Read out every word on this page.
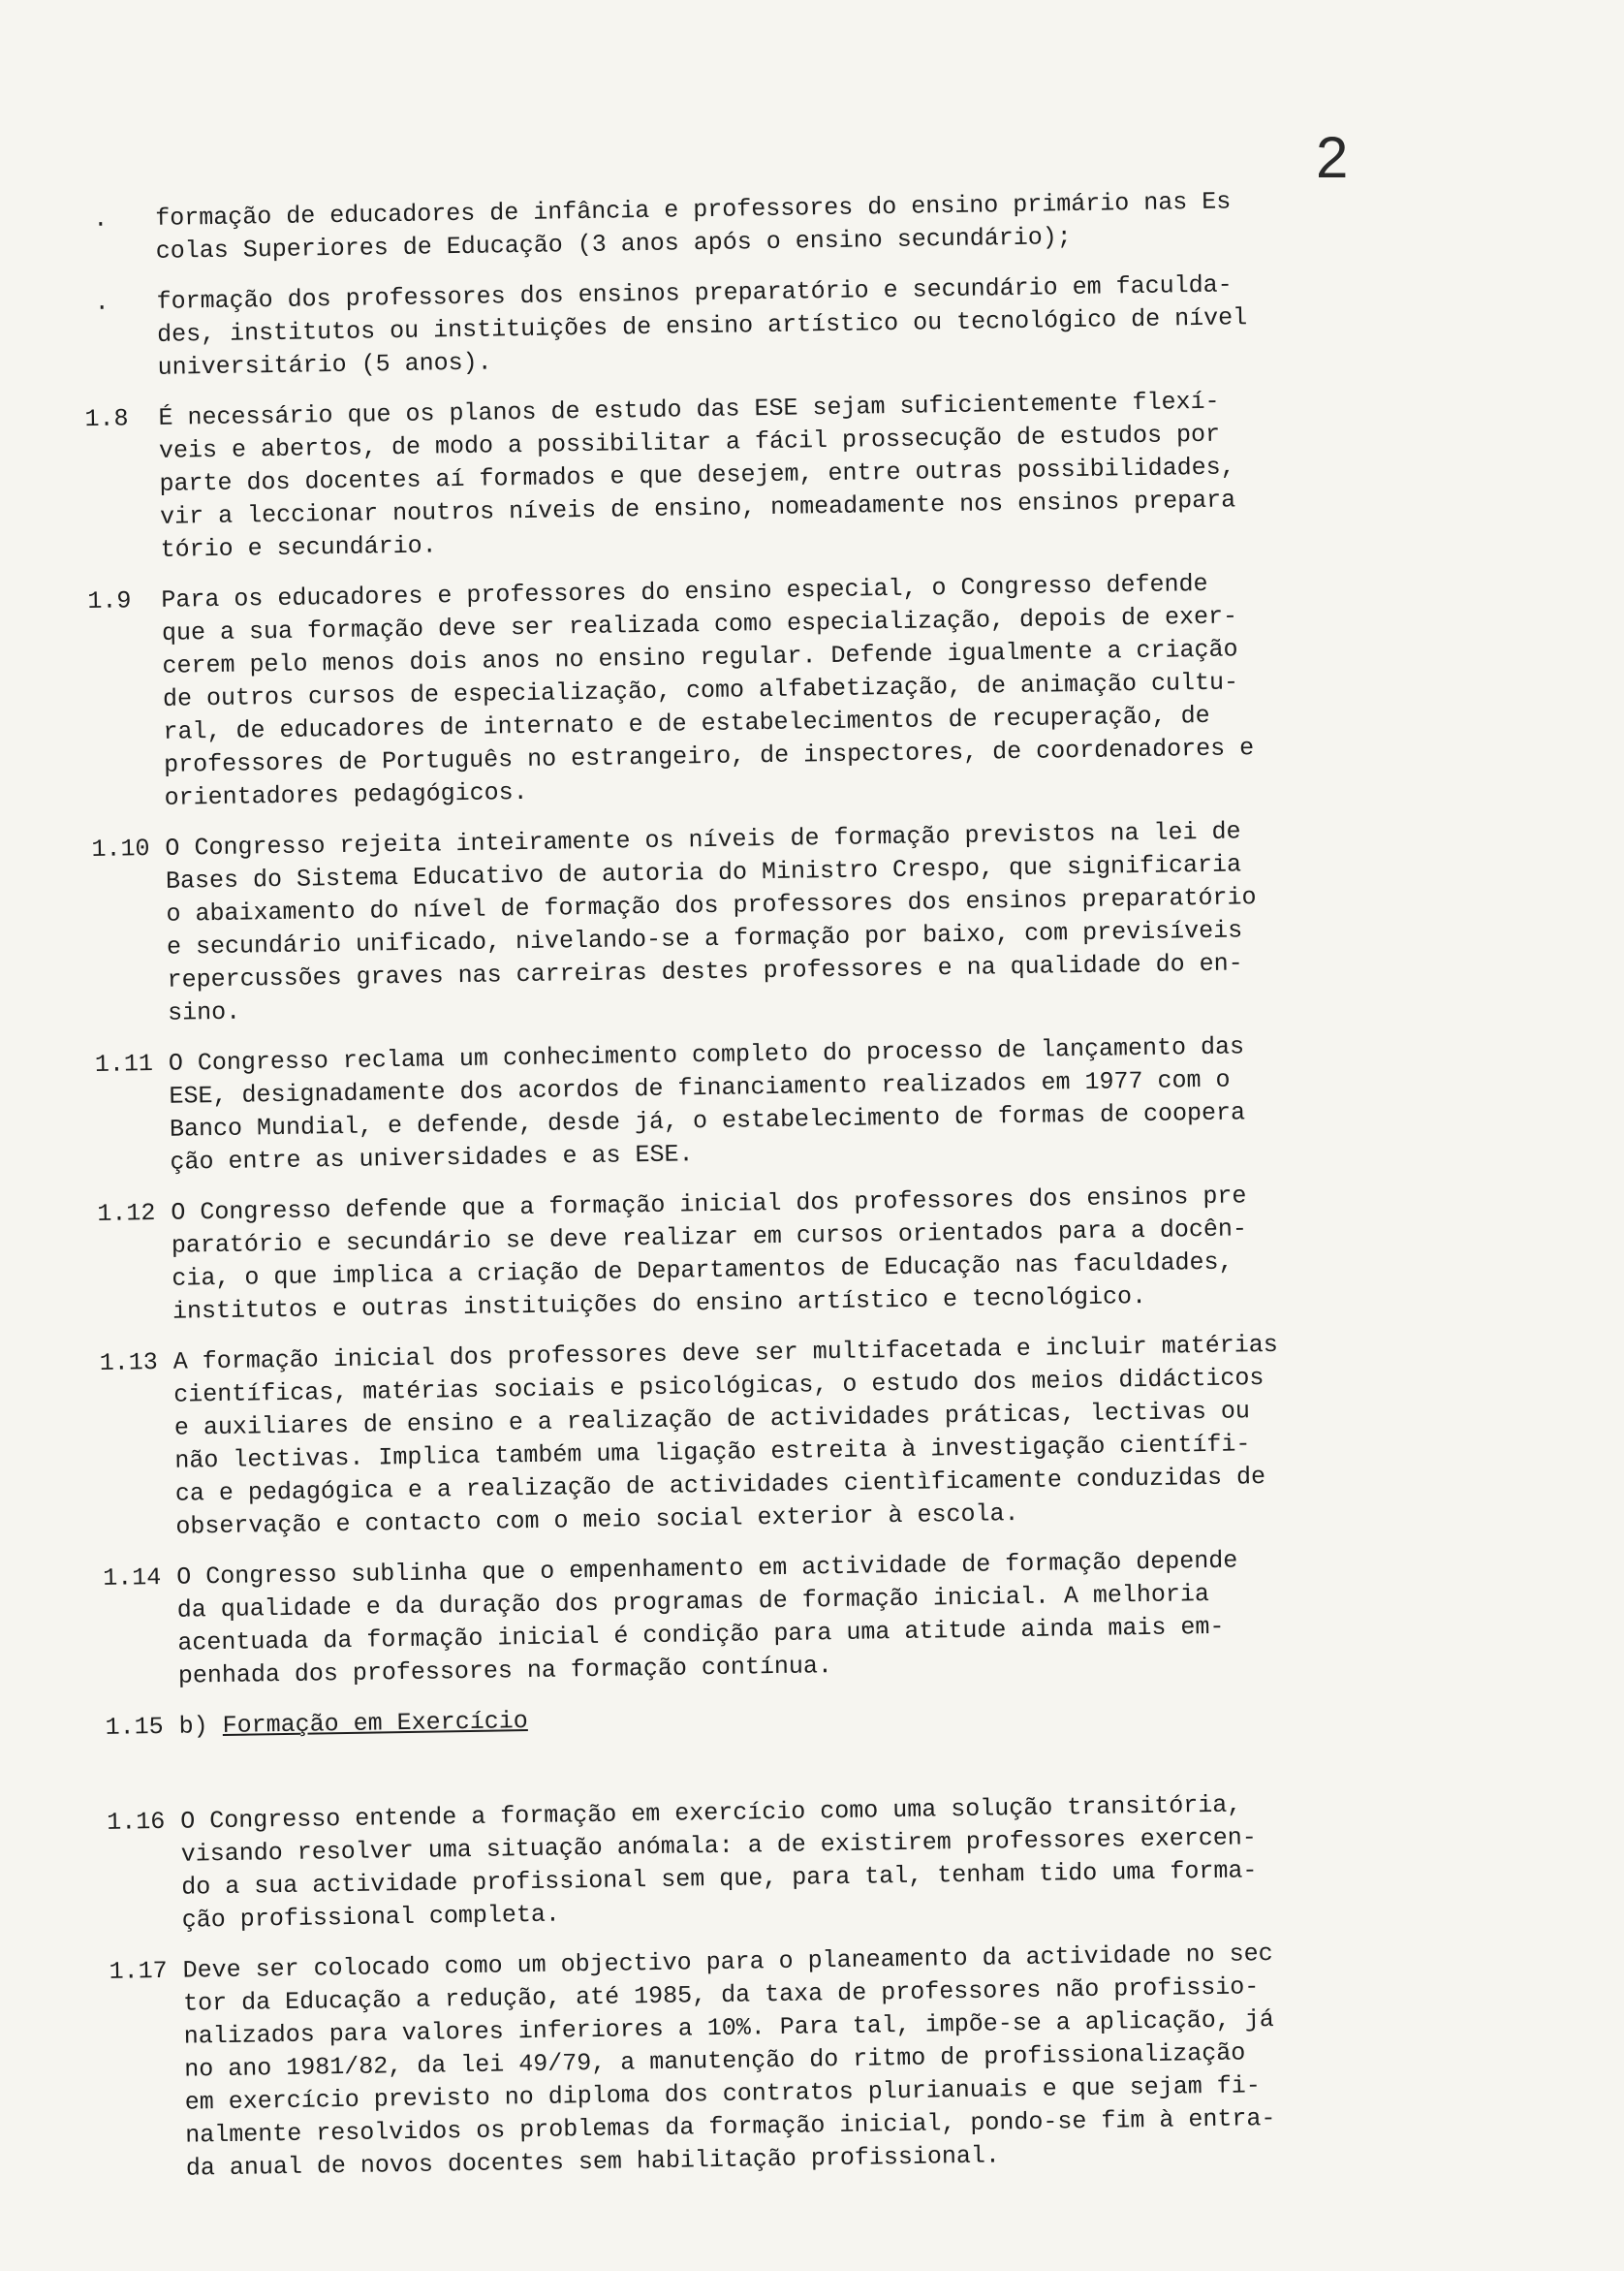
2
. formação de educadores de infância e professores do ensino primário nas Es
colas Superiores de Educação (3 anos após o ensino secundário);
. formação dos professores dos ensinos preparatório e secundário em faculda-
des, institutos ou instituições de ensino artístico ou tecnológico de nível
universitário (5 anos).
1.8 É necessário que os planos de estudo das ESE sejam suficientemente flexí-
veis e abertos, de modo a possibilitar a fácil prossecução de estudos por
parte dos docentes aí formados e que desejem, entre outras possibilidades,
vir a leccionar noutros níveis de ensino, nomeadamente nos ensinos prepara
tório e secundário.
1.9 Para os educadores e professores do ensino especial, o Congresso defende
que a sua formação deve ser realizada como especialização, depois de exer-
cerem pelo menos dois anos no ensino regular. Defende igualmente a criação
de outros cursos de especialização, como alfabetização, de animação cultu-
ral, de educadores de internato e de estabelecimentos de recuperação, de
professores de Português no estrangeiro, de inspectores, de coordenadores e
orientadores pedagógicos.
1.10 O Congresso rejeita inteiramente os níveis de formação previstos na lei de
Bases do Sistema Educativo de autoria do Ministro Crespo, que significaria
o abaixamento do nível de formação dos professores dos ensinos preparatório
e secundário unificado, nivelando-se a formação por baixo, com previsíveis
repercussões graves nas carreiras destes professores e na qualidade do en-
sino.
1.11 O Congresso reclama um conhecimento completo do processo de lançamento das
ESE, designadamente dos acordos de financiamento realizados em 1977 com o
Banco Mundial, e defende, desde já, o estabelecimento de formas de coopera
ção entre as universidades e as ESE.
1.12 O Congresso defende que a formação inicial dos professores dos ensinos pre
paratório e secundário se deve realizar em cursos orientados para a docên-
cia, o que implica a criação de Departamentos de Educação nas faculdades,
institutos e outras instituições do ensino artístico e tecnológico.
1.13 A formação inicial dos professores deve ser multifacetada e incluir matérias
científicas, matérias sociais e psicológicas, o estudo dos meios didácticos
e auxiliares de ensino e a realização de actividades práticas, lectivas ou
não lectivas. Implica também uma ligação estreita à investigação científi-
ca e pedagógica e a realização de actividades cientìficamente conduzidas de
observação e contacto com o meio social exterior à escola.
1.14 O Congresso sublinha que o empenhamento em actividade de formação depende
da qualidade e da duração dos programas de formação inicial. A melhoria
acentuada da formação inicial é condição para uma atitude ainda mais em-
penhada dos professores na formação contínua.
1.15 b) Formação em Exercício
1.16 O Congresso entende a formação em exercício como uma solução transitória,
visando resolver uma situação anómala: a de existirem professores exercen-
do a sua actividade profissional sem que, para tal, tenham tido uma forma-
ção profissional completa.
1.17 Deve ser colocado como um objectivo para o planeamento da actividade no sec
tor da Educação a redução, até 1985, da taxa de professores não profissio-
nalizados para valores inferiores a 10%. Para tal, impõe-se a aplicação, já
no ano 1981/82, da lei 49/79, a manutenção do ritmo de profissionalização
em exercício previsto no diploma dos contratos plurianuais e que sejam fi-
nalmente resolvidos os problemas da formação inicial, pondo-se fim à entra-
da anual de novos docentes sem habilitação profissional.
